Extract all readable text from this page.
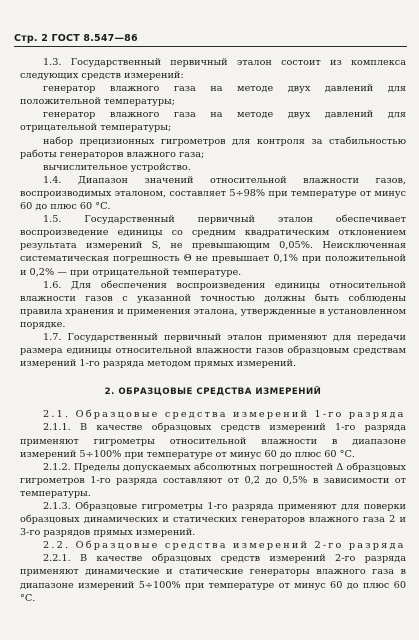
Стр. 2 ГОСТ 8.547—86

1.3. Государственный первичный эталон состоит из комплекса следующих средств измерений:

генератор влажного газа на методе двух давлений для положительной температуры;

генератор влажного газа на методе двух давлений для отрицательной температуры;

набор прецизионных гигрометров для контроля за стабильностью работы генераторов влажного газа;

вычислительное устройство.

1.4. Диапазон значений относительной влажности газов, воспроизводимых эталоном, составляет 5÷98% при температуре от минус 60 до плюс 60 °С.

1.5. Государственный первичный эталон обеспечивает воспроизведение единицы со средним квадратическим отклонением результата измерений S, не превышающим 0,05%. Неисключенная систематическая погрешность Θ не превышает 0,1% при положительной и 0,2% — при отрицательной температуре.

1.6. Для обеспечения воспроизведения единицы относительной влажности газов с указанной точностью должны быть соблюдены правила хранения и применения эталона, утвержденные в установленном порядке.

1.7. Государственный первичный эталон применяют для передачи размера единицы относительной влажности газов образцовым средствам измерений 1-го разряда методом прямых измерений.

2. ОБРАЗЦОВЫЕ СРЕДСТВА ИЗМЕРЕНИЙ

2.1. Образцовые средства измерений 1-го разряда

2.1.1. В качестве образцовых средств измерений 1-го разряда применяют гигрометры относительной влажности в диапазоне измерений 5÷100% при температуре от минус 60 до плюс 60 °С.

2.1.2. Пределы допускаемых абсолютных погрешностей Δ образцовых гигрометров 1-го разряда составляют от 0,2 до 0,5% в зависимости от температуры.

2.1.3. Образцовые гигрометры 1-го разряда применяют для поверки образцовых динамических и статических генераторов влажного газа 2 и 3-го разрядов прямых измерений.

2.2. Образцовые средства измерений 2-го разряда

2.2.1. В качестве образцовых средств измерений 2-го разряда применяют динамические и статические генераторы влажного газа в диапазоне измерений 5÷100% при температуре от минус 60 до плюс 60 °С.
